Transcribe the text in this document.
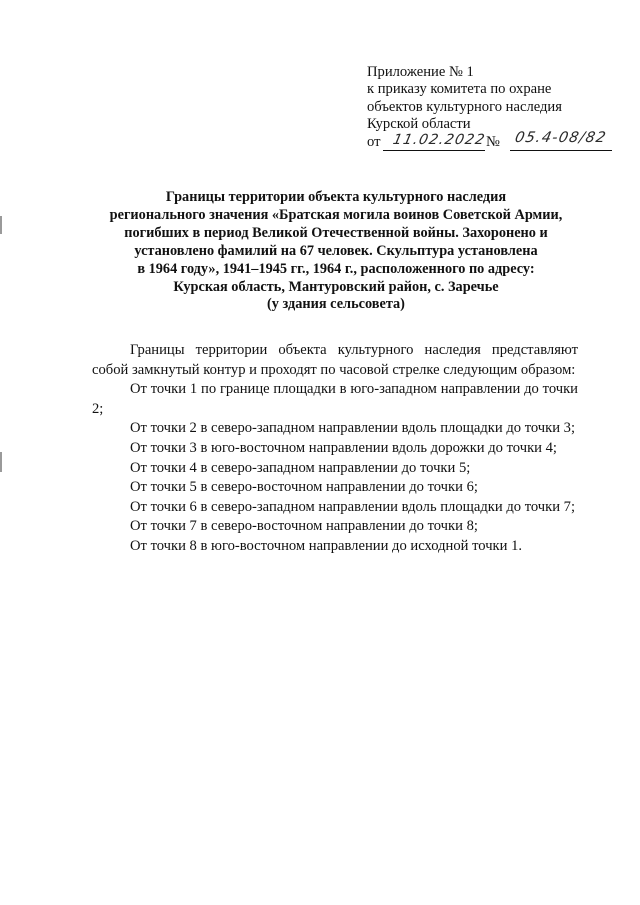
Приложение № 1
к приказу комитета по охране
объектов культурного наследия
Курской области
от 11.02.2022
№ 05.4-08/82
Границы территории объекта культурного наследия
регионального значения «Братская могила воинов Советской Армии,
погибших в период Великой Отечественной войны. Захоронено и
установлено фамилий на 67 человек. Скульптура установлена
в 1964 году», 1941–1945 гг., 1964 г., расположенного по адресу:
Курская область, Мантуровский район, с. Заречье
(у здания сельсовета)

Границы территории объекта культурного наследия представляют собой замкнутый контур и проходят по часовой стрелке следующим образом:

От точки 1 по границе площадки в юго-западном направлении до точки 2;

От точки 2 в северо-западном направлении вдоль площадки до точки 3;

От точки 3 в юго-восточном направлении вдоль дорожки до точки 4;

От точки 4 в северо-западном направлении до точки 5;

От точки 5 в северо-восточном направлении до точки 6;

От точки 6 в северо-западном направлении вдоль площадки до точки 7;

От точки 7 в северо-восточном направлении до точки 8;

От точки 8 в юго-восточном направлении до исходной точки 1.
